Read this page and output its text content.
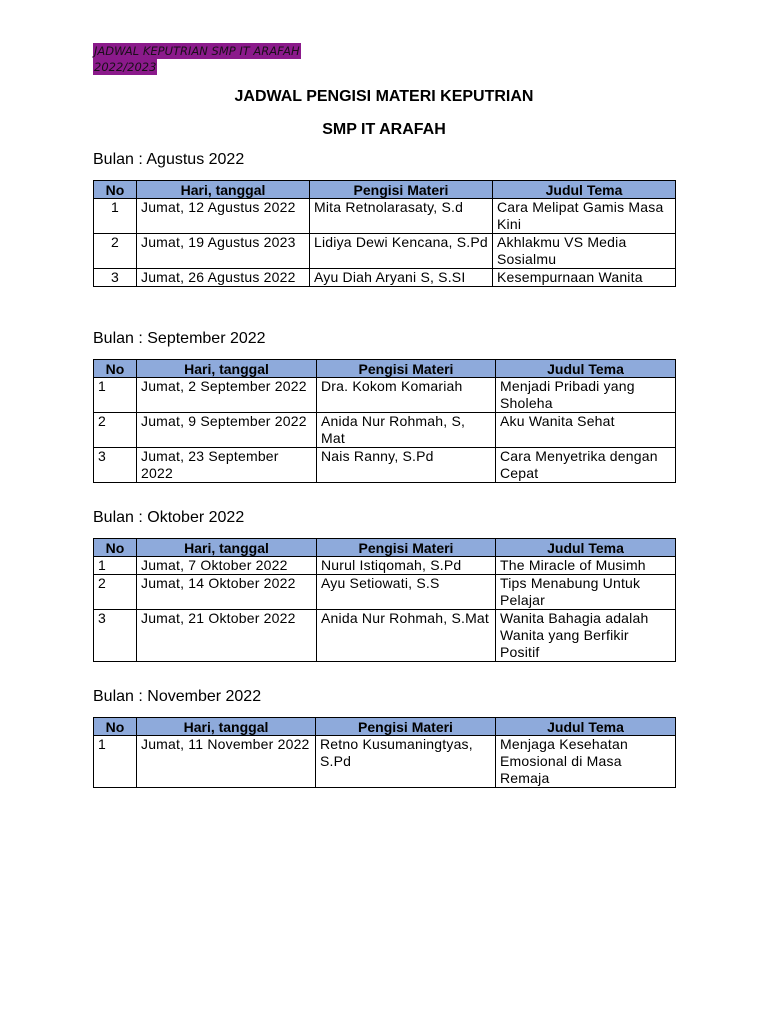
JADWAL KEPUTRIAN SMP IT ARAFAH
2022/2023
JADWAL PENGISI MATERI KEPUTRIAN
SMP IT ARAFAH
Bulan : Agustus 2022
No	Hari, tanggal	Pengisi Materi	Judul Tema
1	Jumat, 12 Agustus 2022	Mita Retnolarasaty, S.d	Cara Melipat Gamis Masa Kini
2	Jumat, 19 Agustus 2023	Lidiya Dewi Kencana, S.Pd	Akhlakmu VS Media Sosialmu
3	Jumat, 26 Agustus 2022	Ayu Diah Aryani S, S.SI	Kesempurnaan Wanita
Bulan : September 2022
No	Hari, tanggal	Pengisi Materi	Judul Tema
1	Jumat, 2 September 2022	Dra. Kokom Komariah	Menjadi Pribadi yang Sholeha
2	Jumat, 9 September 2022	Anida Nur Rohmah, S, Mat	Aku Wanita Sehat
3	Jumat, 23 September 2022	Nais Ranny, S.Pd	Cara Menyetrika dengan Cepat
Bulan : Oktober 2022
No	Hari, tanggal	Pengisi Materi	Judul Tema
1	Jumat, 7 Oktober 2022	Nurul Istiqomah, S.Pd	The Miracle of Musimh
2	Jumat, 14 Oktober 2022	Ayu Setiowati, S.S	Tips Menabung Untuk Pelajar
3	Jumat, 21 Oktober 2022	Anida Nur Rohmah, S.Mat	Wanita Bahagia adalah Wanita yang Berfikir Positif
Bulan : November 2022
No	Hari, tanggal	Pengisi Materi	Judul Tema
1	Jumat, 11 November 2022	Retno Kusumaningtyas, S.Pd	Menjaga Kesehatan Emosional di Masa Remaja
